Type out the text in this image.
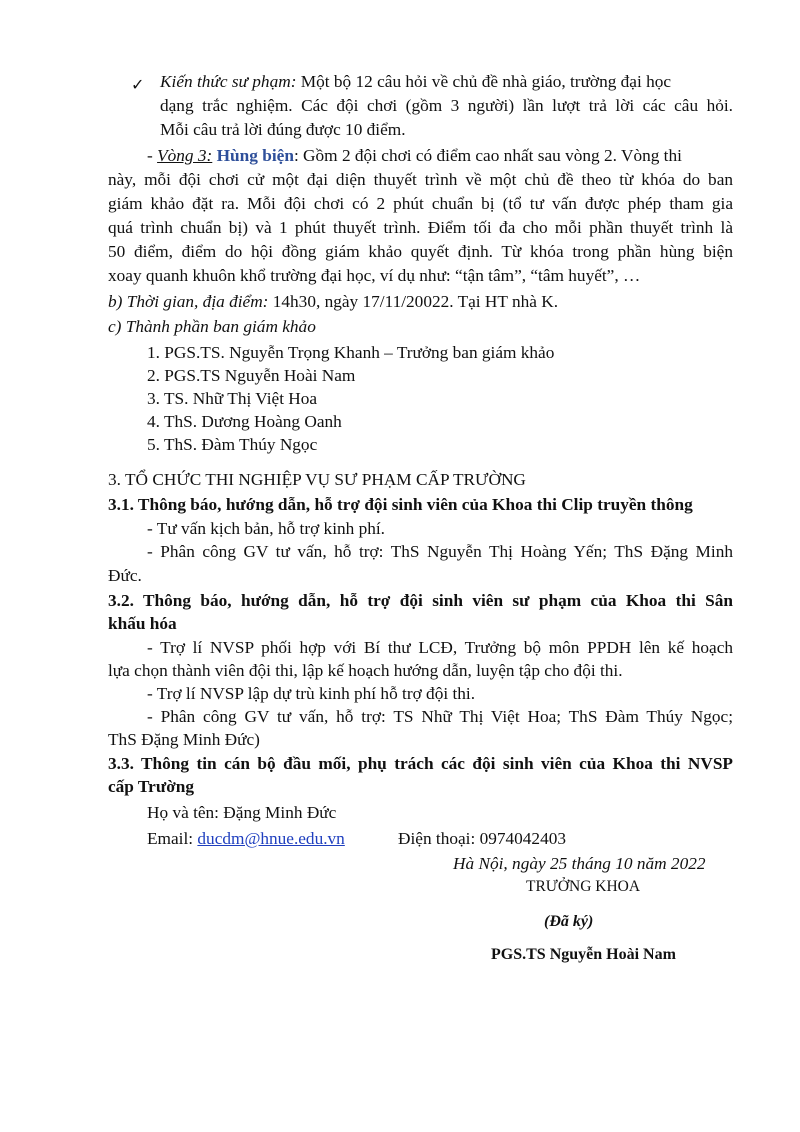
✓ Kiến thức sư phạm: Một bộ 12 câu hỏi về chủ đề nhà giáo, trường đại học
dạng trắc nghiệm. Các đội chơi (gồm 3 người) lần lượt trả lời các câu hỏi.
Mỗi câu trả lời đúng được 10 điểm.
- Vòng 3: Hùng biện: Gồm 2 đội chơi có điểm cao nhất sau vòng 2. Vòng thi
này, mỗi đội chơi cử một đại diện thuyết trình về một chủ đề theo từ khóa do ban
giám khảo đặt ra. Mỗi đội chơi có 2 phút chuẩn bị (tổ tư vấn được phép tham gia
quá trình chuẩn bị) và 1 phút thuyết trình. Điểm tối đa cho mỗi phần thuyết trình là
50 điểm, điểm do hội đồng giám khảo quyết định. Từ khóa trong phần hùng biện
xoay quanh khuôn khổ trường đại học, ví dụ như: “tận tâm”, “tâm huyết”, …
b) Thời gian, địa điểm: 14h30, ngày 17/11/20022. Tại HT nhà K.
c) Thành phần ban giám khảo
1. PGS.TS. Nguyễn Trọng Khanh – Trưởng ban giám khảo
2. PGS.TS Nguyễn Hoài Nam
3. TS. Nhữ Thị Việt Hoa
4. ThS. Dương Hoàng Oanh
5. ThS. Đàm Thúy Ngọc
3. TỔ CHỨC THI NGHIỆP VỤ SƯ PHẠM CẤP TRƯỜNG
3.1. Thông báo, hướng dẫn, hỗ trợ đội sinh viên của Khoa thi Clip truyền thông
- Tư vấn kịch bản, hỗ trợ kinh phí.
- Phân công GV tư vấn, hỗ trợ: ThS Nguyễn Thị Hoàng Yến; ThS Đặng Minh
Đức.
3.2. Thông báo, hướng dẫn, hỗ trợ đội sinh viên sư phạm của Khoa thi Sân
khấu hóa
- Trợ lí NVSP phối hợp với Bí thư LCĐ, Trưởng bộ môn PPDH lên kế hoạch
lựa chọn thành viên đội thi, lập kế hoạch hướng dẫn, luyện tập cho đội thi.
- Trợ lí NVSP lập dự trù kinh phí hỗ trợ đội thi.
- Phân công GV tư vấn, hỗ trợ: TS Nhữ Thị Việt Hoa; ThS Đàm Thúy Ngọc;
ThS Đặng Minh Đức)
3.3. Thông tin cán bộ đầu mối, phụ trách các đội sinh viên của Khoa thi NVSP
cấp Trường
Họ và tên: Đặng Minh Đức
Email: ducdm@hnue.edu.vn	Điện thoại: 0974042403
Hà Nội, ngày 25 tháng 10 năm 2022
TRƯỞNG KHOA
(Đã ký)
PGS.TS Nguyễn Hoài Nam
